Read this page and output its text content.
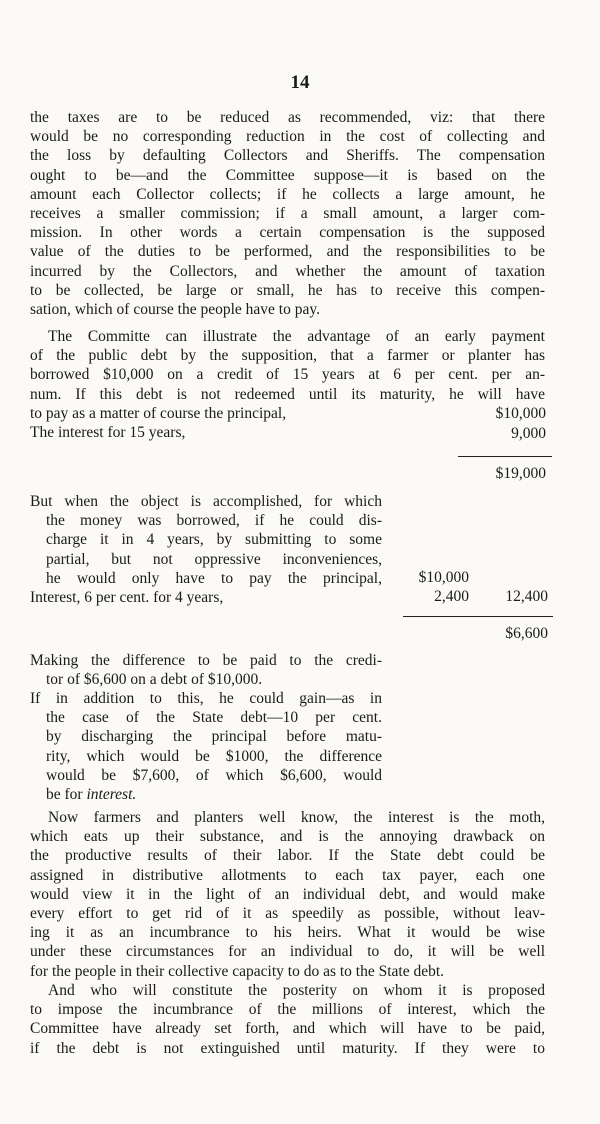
14
the taxes are to be reduced as recommended, viz: that there
would be no corresponding reduction in the cost of collecting and
the loss by defaulting Collectors and Sheriffs. The compensation
ought to be—and the Committee suppose—it is based on the
amount each Collector collects; if he collects a large amount, he
receives a smaller commission; if a small amount, a larger com-
mission. In other words a certain compensation is the supposed
value of the duties to be performed, and the responsibilities to be
incurred by the Collectors, and whether the amount of taxation
to be collected, be large or small, he has to receive this compen-
sation, which of course the people have to pay.
The Committe can illustrate the advantage of an early payment
of the public debt by the supposition, that a farmer or planter has
borrowed $10,000 on a credit of 15 years at 6 per cent. per an-
num. If this debt is not redeemed until its maturity, he will have
to pay as a matter of course the principal,
The interest for 15 years,
$10,000
9,000
$19,000
But when the object is accomplished, for which
the money was borrowed, if he could dis-
charge it in 4 years, by submitting to some
partial, but not oppressive inconveniences,
he would only have to pay the principal,
Interest, 6 per cent. for 4 years,
$10,000
2,400	12,400
$6,600
Making the difference to be paid to the credi-
tor of $6,600 on a debt of $10,000.
If in addition to this, he could gain—as in
the case of the State debt—10 per cent.
by discharging the principal before matu-
rity, which would be $1000, the difference
would be $7,600, of which $6,600, would
be for interest.
Now farmers and planters well know, the interest is the moth,
which eats up their substance, and is the annoying drawback on
the productive results of their labor. If the State debt could be
assigned in distributive allotments to each tax payer, each one
would view it in the light of an individual debt, and would make
every effort to get rid of it as speedily as possible, without leav-
ing it as an incumbrance to his heirs. What it would be wise
under these circumstances for an individual to do, it will be well
for the people in their collective capacity to do as to the State debt.
And who will constitute the posterity on whom it is proposed
to impose the incumbrance of the millions of interest, which the
Committee have already set forth, and which will have to be paid,
if the debt is not extinguished until maturity. If they were to
